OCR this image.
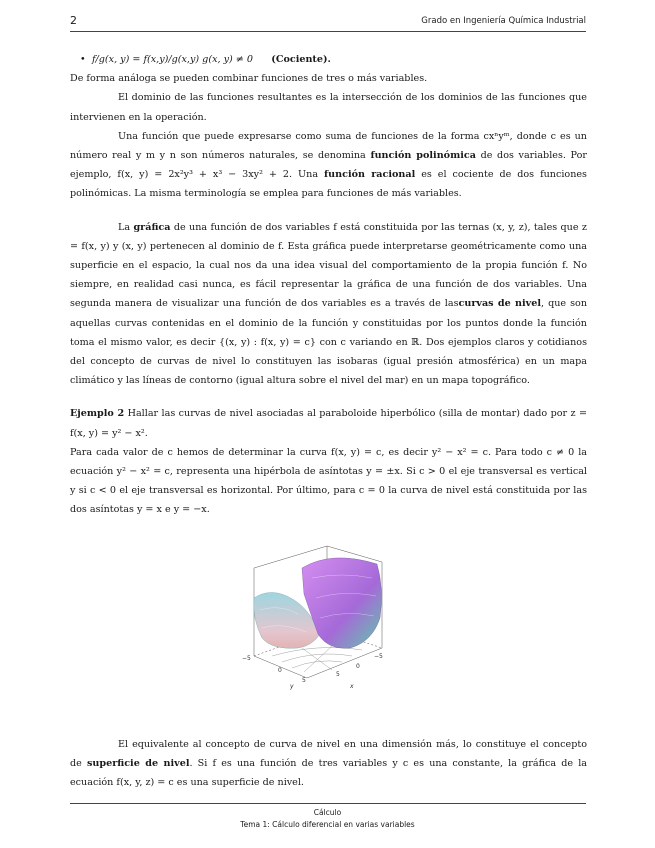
2	Grado en Ingeniería Química Industrial

• f/g(x, y) = f(x,y)/g(x,y) g(x, y) ≠ 0 (Cociente).

De forma análoga se pueden combinar funciones de tres o más variables.

El dominio de las funciones resultantes es la intersección de los dominios de las funciones que intervienen en la operación.

Una función que puede expresarse como suma de funciones de la forma cxⁿyᵐ, donde c es un número real y m y n son números naturales, se denomina función polinómica de dos variables. Por ejemplo, f(x, y) = 2x²y³ + x³ − 3xy² + 2. Una función racional es el cociente de dos funciones polinómicas. La misma terminología se emplea para funciones de más variables.

La gráfica de una función de dos variables f está constituida por las ternas (x, y, z), tales que z = f(x, y) y (x, y) pertenecen al dominio de f. Esta gráfica puede interpretarse geométricamente como una superficie en el espacio, la cual nos da una idea visual del comportamiento de la propia función f. No siempre, en realidad casi nunca, es fácil representar la gráfica de una función de dos variables. Una segunda manera de visualizar una función de dos variables es a través de lascurvas de nivel, que son aquellas curvas contenidas en el dominio de la función y constituidas por los puntos donde la función toma el mismo valor, es decir {(x, y) : f(x, y) = c} con c variando en ℝ. Dos ejemplos claros y cotidianos del concepto de curvas de nivel lo constituyen las isobaras (igual presión atmosférica) en un mapa climático y las líneas de contorno (igual altura sobre el nivel del mar) en un mapa topográfico.

Ejemplo 2 Hallar las curvas de nivel asociadas al paraboloide hiperbólico (silla de montar) dado por z = f(x, y) = y² − x².

Para cada valor de c hemos de determinar la curva f(x, y) = c, es decir y² − x² = c. Para todo c ≠ 0 la ecuación y² − x² = c, representa una hipérbola de asíntotas y = ±x. Si c > 0 el eje transversal es vertical y si c < 0 el eje transversal es horizontal. Por último, para c = 0 la curva de nivel está constituida por las dos asíntotas y = x e y = −x.

−5
0
5
5
0
−5
y	x

El equivalente al concepto de curva de nivel en una dimensión más, lo constituye el concepto de superficie de nivel. Si f es una función de tres variables y c es una constante, la gráfica de la ecuación f(x, y, z) = c es una superficie de nivel.

Cálculo
Tema 1: Cálculo diferencial en varias variables
